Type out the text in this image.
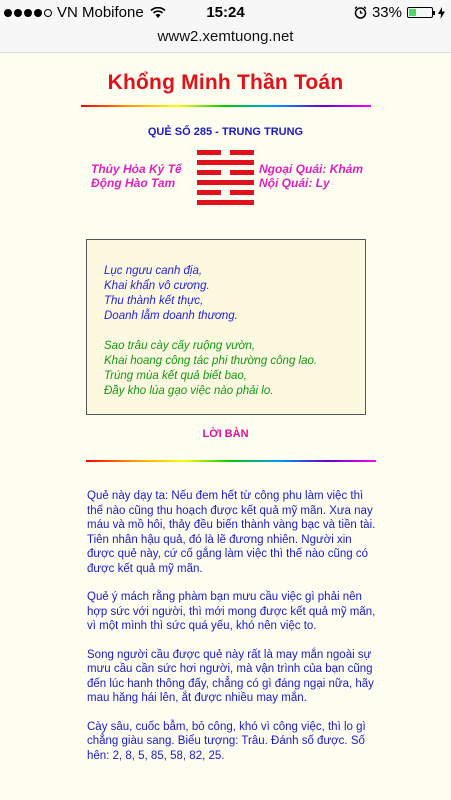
VN Mobifone	15:24	33%
www2.xemtuong.net
Khổng Minh Thần Toán
QUẺ SỐ 285 - TRUNG TRUNG
Thủy Hỏa Ký Tế
Động Hào Tam
Ngoại Quái: Khảm
Nội Quái: Ly

Lục ngưu canh địa,

Khai khẩn vô cương.

Thu thành kết thực,

Doanh lẫm doanh thương.

Sao trâu cày cấy ruộng vườn,

Khai hoang công tác phi thường công lao.

Trúng mùa kết quả biết bao,

Đầy kho lúa gạo việc nào phải lo.

LỜI BÀN

Quẻ này dạy ta: Nếu đem hết từ công phu làm việc thì thế nào cũng thu hoạch được kết quả mỹ mãn. Xưa nay máu và mồ hôi, thảy đều biến thành vàng bạc và tiền tài. Tiên nhân hậu quả, đó là lẽ đương nhiên. Người xin được quẻ này, cứ cố gắng làm việc thì thế nào cũng có được kết quả mỹ mãn.

Quẻ ý mách rằng phàm bạn mưu cầu việc gì phải nên hợp sức với người, thì mới mong được kết quả mỹ mãn, vì một mình thì sức quá yếu, khó nên việc to.

Song người cầu được quẻ này rất là may mắn ngoài sự mưu cầu cần sức hơi người, mà vận trình của bạn cũng đến lúc hanh thông đấy, chẳng có gì đáng ngại nữa, hãy mau hăng hái lên, ắt được nhiều may mắn.

Cày sâu, cuốc bẫm, bỏ công, khó vì công việc, thì lo gì chẳng giàu sang. Biểu tượng: Trâu. Đánh số được. Số hên: 2, 8, 5, 85, 58, 82, 25.
